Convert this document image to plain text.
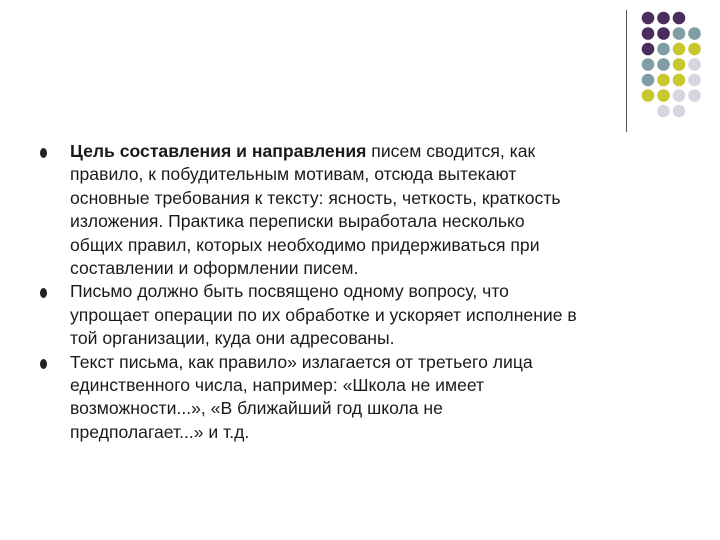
Цель составления и направления писем сводится, как
правило, к побудительным мотивам, отсюда вытекают
основные требования к тексту: ясность, четкость, краткость
изложения. Практика переписки выработала несколько
общих правил, которых необходимо придерживаться при
составлении и оформлении писем.
Письмо должно быть посвящено одному вопросу, что
упрощает операции по их обработке и ускоряет исполнение в
той организации, куда они адресованы.
Текст письма, как правило» излагается от третьего лица
единственного числа, например: «Школа не имеет
возможности...», «В ближайший год школа не
предполагает...» и т.д.
